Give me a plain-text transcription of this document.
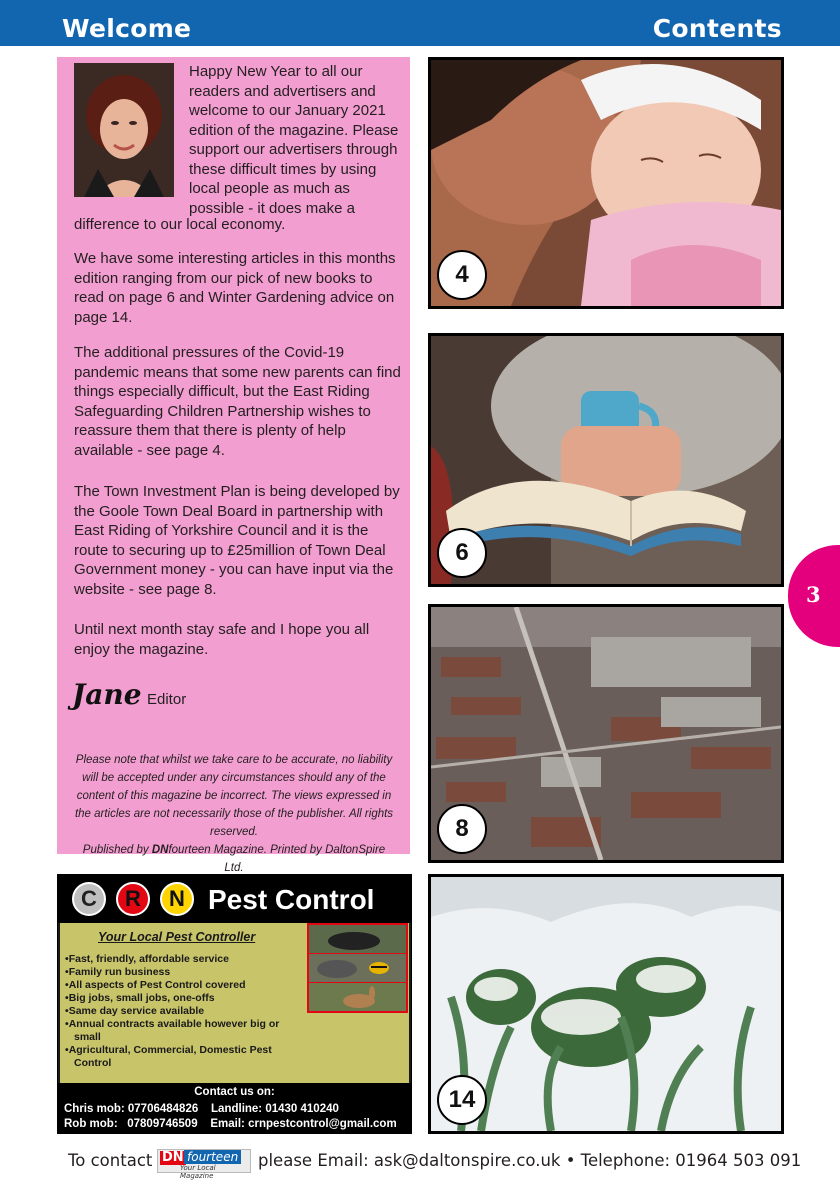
Welcome	Contents

Happy New Year to all our readers and advertisers and welcome to our January 2021 edition of the magazine. Please support our advertisers through these difficult times by using local people as much as possible - it does make a

difference to our local economy.

We have some interesting articles in this months edition ranging from our pick of new books to read on page 6 and Winter Gardening advice on page 14.

The additional pressures of the Covid-19 pandemic means that some new parents can find things especially difficult, but the East Riding Safeguarding Children Partnership wishes to reassure them that there is plenty of help available - see page 4.

The Town Investment Plan is being developed by the Goole Town Deal Board in partnership with East Riding of Yorkshire Council and it is the route to securing up to £25million of Town Deal Government money - you can have input via the website - see page 8.

Until next month stay safe and I hope you all enjoy the magazine.

Jane Editor
Please note that whilst we take care to be accurate, no liability will be accepted under any circumstances should any of the content of this magazine be incorrect. The views expressed in the articles are not necessarily those of the publisher. All rights reserved.
Published by DNfourteen Magazine. Printed by DaltonSpire Ltd.
4
6
8
14
3
C	R	N Pest Control
Your Local Pest Controller
• Fast, friendly, affordable service
• Family run business
• All aspects of Pest Control covered
• Big jobs, small jobs, one-offs
• Same day service available
• Annual contracts available however big or small
• Agricultural, Commercial, Domestic Pest Control
Contact us on:
Chris mob: 07706484826    Landline: 01430 410240
Rob mob:   07809746509    Email: crnpestcontrol@gmail.com
To contact DN fourteen
Your Local Magazine
please Email: ask@daltonspire.co.uk • Telephone: 01964 503 091
